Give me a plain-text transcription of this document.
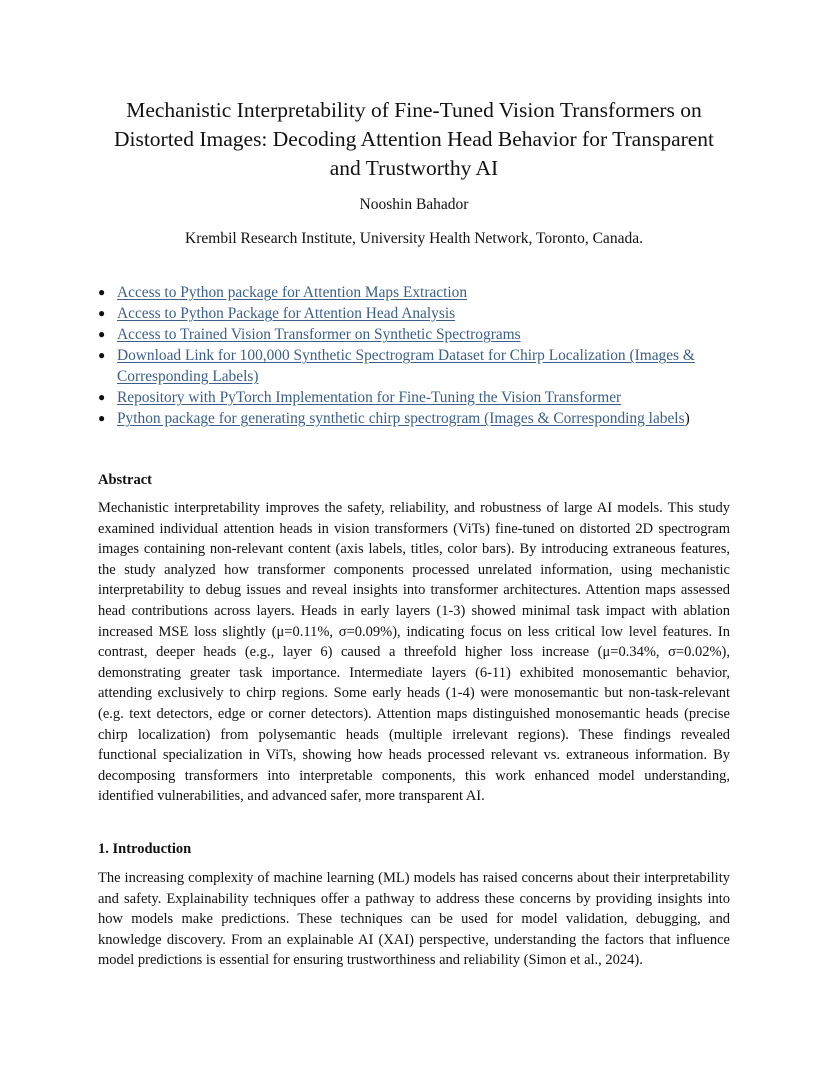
Mechanistic Interpretability of Fine-Tuned Vision Transformers on
Distorted Images: Decoding Attention Head Behavior for Transparent
and Trustworthy AI
Nooshin Bahador
Krembil Research Institute, University Health Network, Toronto, Canada.
● Access to Python package for Attention Maps Extraction
● Access to Python Package for Attention Head Analysis
● Access to Trained Vision Transformer on Synthetic Spectrograms
● Download Link for 100,000 Synthetic Spectrogram Dataset for Chirp Localization (Images &
Corresponding Labels)
● Repository with PyTorch Implementation for Fine-Tuning the Vision Transformer
● Python package for generating synthetic chirp spectrogram (Images & Corresponding labels)
Abstract
Mechanistic interpretability improves the safety, reliability, and robustness of large AI models. This study
examined individual attention heads in vision transformers (ViTs) fine-tuned on distorted 2D spectrogram
images containing non-relevant content (axis labels, titles, color bars). By introducing extraneous features,
the study analyzed how transformer components processed unrelated information, using mechanistic
interpretability to debug issues and reveal insights into transformer architectures. Attention maps assessed
head contributions across layers. Heads in early layers (1-3) showed minimal task impact with ablation
increased MSE loss slightly (μ=0.11%, σ=0.09%), indicating focus on less critical low level features. In
contrast, deeper heads (e.g., layer 6) caused a threefold higher loss increase (μ=0.34%, σ=0.02%),
demonstrating greater task importance. Intermediate layers (6-11) exhibited monosemantic behavior,
attending exclusively to chirp regions. Some early heads (1-4) were monosemantic but non-task-relevant
(e.g. text detectors, edge or corner detectors). Attention maps distinguished monosemantic heads (precise
chirp localization) from polysemantic heads (multiple irrelevant regions). These findings revealed
functional specialization in ViTs, showing how heads processed relevant vs. extraneous information. By
decomposing transformers into interpretable components, this work enhanced model understanding,
identified vulnerabilities, and advanced safer, more transparent AI.
1. Introduction
The increasing complexity of machine learning (ML) models has raised concerns about their interpretability
and safety. Explainability techniques offer a pathway to address these concerns by providing insights into
how models make predictions. These techniques can be used for model validation, debugging, and
knowledge discovery. From an explainable AI (XAI) perspective, understanding the factors that influence
model predictions is essential for ensuring trustworthiness and reliability (Simon et al., 2024).
